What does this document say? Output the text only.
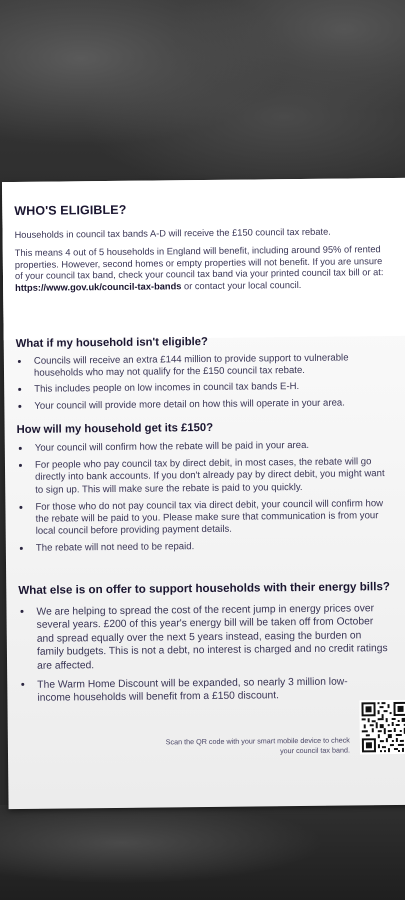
WHO'S ELIGIBLE?
Households in council tax bands A-D will receive the £150 council tax rebate.
This means 4 out of 5 households in England will benefit, including around 95% of rented properties. However, second homes or empty properties will not benefit. If you are unsure of your council tax band, check your council tax band via your printed council tax bill or at: https://www.gov.uk/council-tax-bands or contact your local council.
What if my household isn't eligible?
Councils will receive an extra £144 million to provide support to vulnerable households who may not qualify for the £150 council tax rebate.
This includes people on low incomes in council tax bands E-H.
Your council will provide more detail on how this will operate in your area.
How will my household get its £150?
Your council will confirm how the rebate will be paid in your area.
For people who pay council tax by direct debit, in most cases, the rebate will go directly into bank accounts. If you don't already pay by direct debit, you might want to sign up. This will make sure the rebate is paid to you quickly.
For those who do not pay council tax via direct debit, your council will confirm how the rebate will be paid to you. Please make sure that communication is from your local council before providing payment details.
The rebate will not need to be repaid.
What else is on offer to support households with their energy bills?
We are helping to spread the cost of the recent jump in energy prices over several years. £200 of this year's energy bill will be taken off from October and spread equally over the next 5 years instead, easing the burden on family budgets. This is not a debt, no interest is charged and no credit ratings are affected.
The Warm Home Discount will be expanded, so nearly 3 million low-income households will benefit from a £150 discount.
Scan the QR code with your smart mobile device to check your council tax band.
